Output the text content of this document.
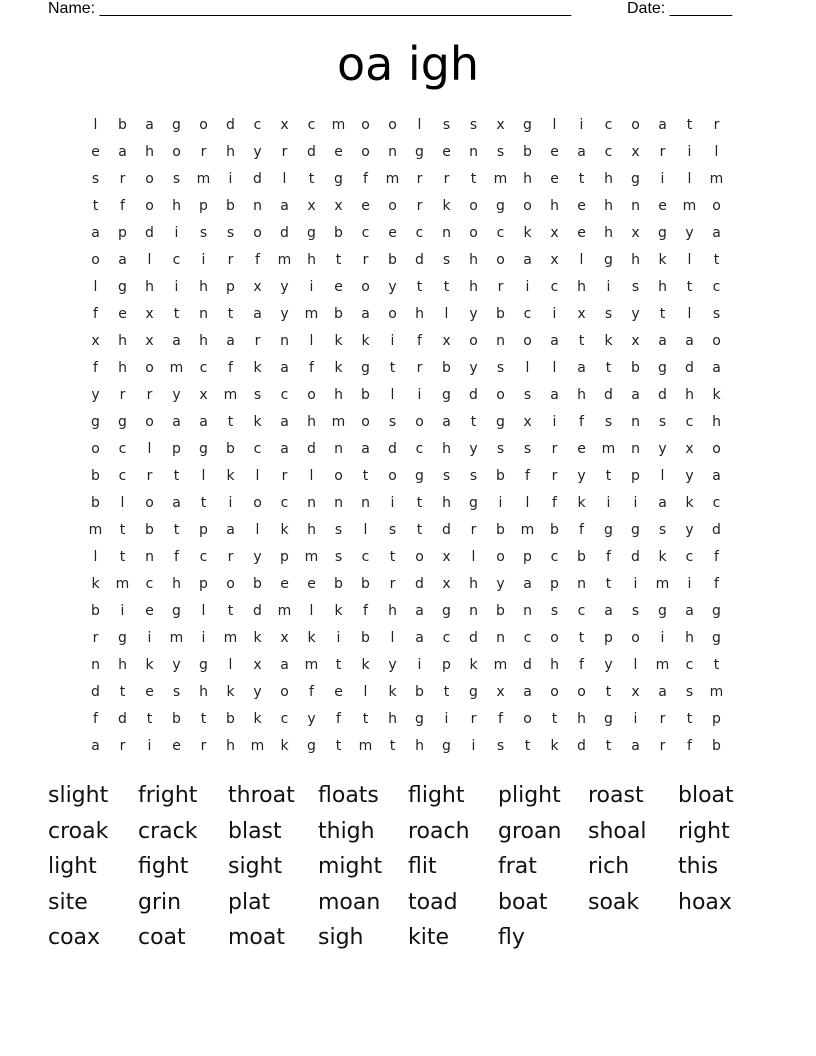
Name: _____________________________________________________	Date: _______
oa igh
l	b	a	g	o	d	c	x	c	m	o	o	l	s	s	x	g	l	i	c	o	a	t	r
e	a	h	o	r	h	y	r	d	e	o	n	g	e	n	s	b	e	a	c	x	r	i	l
s	r	o	s	m	i	d	l	t	g	f	m	r	r	t	m	h	e	t	h	g	i	l	m
t	f	o	h	p	b	n	a	x	x	e	o	r	k	o	g	o	h	e	h	n	e	m	o
a	p	d	i	s	s	o	d	g	b	c	e	c	n	o	c	k	x	e	h	x	g	y	a
o	a	l	c	i	r	f	m	h	t	r	b	d	s	h	o	a	x	l	g	h	k	l	t
l	g	h	i	h	p	x	y	i	e	o	y	t	t	h	r	i	c	h	i	s	h	t	c
f	e	x	t	n	t	a	y	m	b	a	o	h	l	y	b	c	i	x	s	y	t	l	s
x	h	x	a	h	a	r	n	l	k	k	i	f	x	o	n	o	a	t	k	x	a	a	o
f	h	o	m	c	f	k	a	f	k	g	t	r	b	y	s	l	l	a	t	b	g	d	a
y	r	r	y	x	m	s	c	o	h	b	l	i	g	d	o	s	a	h	d	a	d	h	k
g	g	o	a	a	t	k	a	h	m	o	s	o	a	t	g	x	i	f	s	n	s	c	h
o	c	l	p	g	b	c	a	d	n	a	d	c	h	y	s	s	r	e	m	n	y	x	o
b	c	r	t	l	k	l	r	l	o	t	o	g	s	s	b	f	r	y	t	p	l	y	a
b	l	o	a	t	i	o	c	n	n	n	i	t	h	g	i	l	f	k	i	i	a	k	c
m	t	b	t	p	a	l	k	h	s	l	s	t	d	r	b	m	b	f	g	g	s	y	d
l	t	n	f	c	r	y	p	m	s	c	t	o	x	l	o	p	c	b	f	d	k	c	f
k	m	c	h	p	o	b	e	e	b	b	r	d	x	h	y	a	p	n	t	i	m	i	f
b	i	e	g	l	t	d	m	l	k	f	h	a	g	n	b	n	s	c	a	s	g	a	g
r	g	i	m	i	m	k	x	k	i	b	l	a	c	d	n	c	o	t	p	o	i	h	g
n	h	k	y	g	l	x	a	m	t	k	y	i	p	k	m	d	h	f	y	l	m	c	t
d	t	e	s	h	k	y	o	f	e	l	k	b	t	g	x	a	o	o	t	x	a	s	m
f	d	t	b	t	b	k	c	y	f	t	h	g	i	r	f	o	t	h	g	i	r	t	p
a	r	i	e	r	h	m	k	g	t	m	t	h	g	i	s	t	k	d	t	a	r	f	b
slight	fright	throat	floats	flight	plight	roast	bloat
croak	crack	blast	thigh	roach	groan	shoal	right
light	fight	sight	might	flit	frat	rich	this
site	grin	plat	moan	toad	boat	soak	hoax
coax	coat	moat	sigh	kite	fly
